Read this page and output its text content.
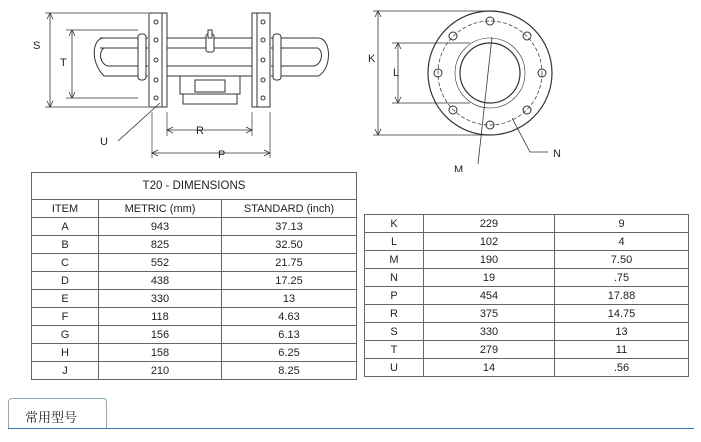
S
T
U
R
P
K
L
M
N
T20 - DIMENSIONS		
ITEM	METRIC (mm)	STANDARD (inch)
A	943	37.13
B	825	32.50
C	552	21.75
D	438	17.25
E	330	13
F	118	4.63
G	156	6.13
H	158	6.25
J	210	8.25
K	229	9
L	102	4
M	190	7.50
N	19	.75
P	454	17.88
R	375	14.75
S	330	13
T	279	11
U	14	.56
常用型号
